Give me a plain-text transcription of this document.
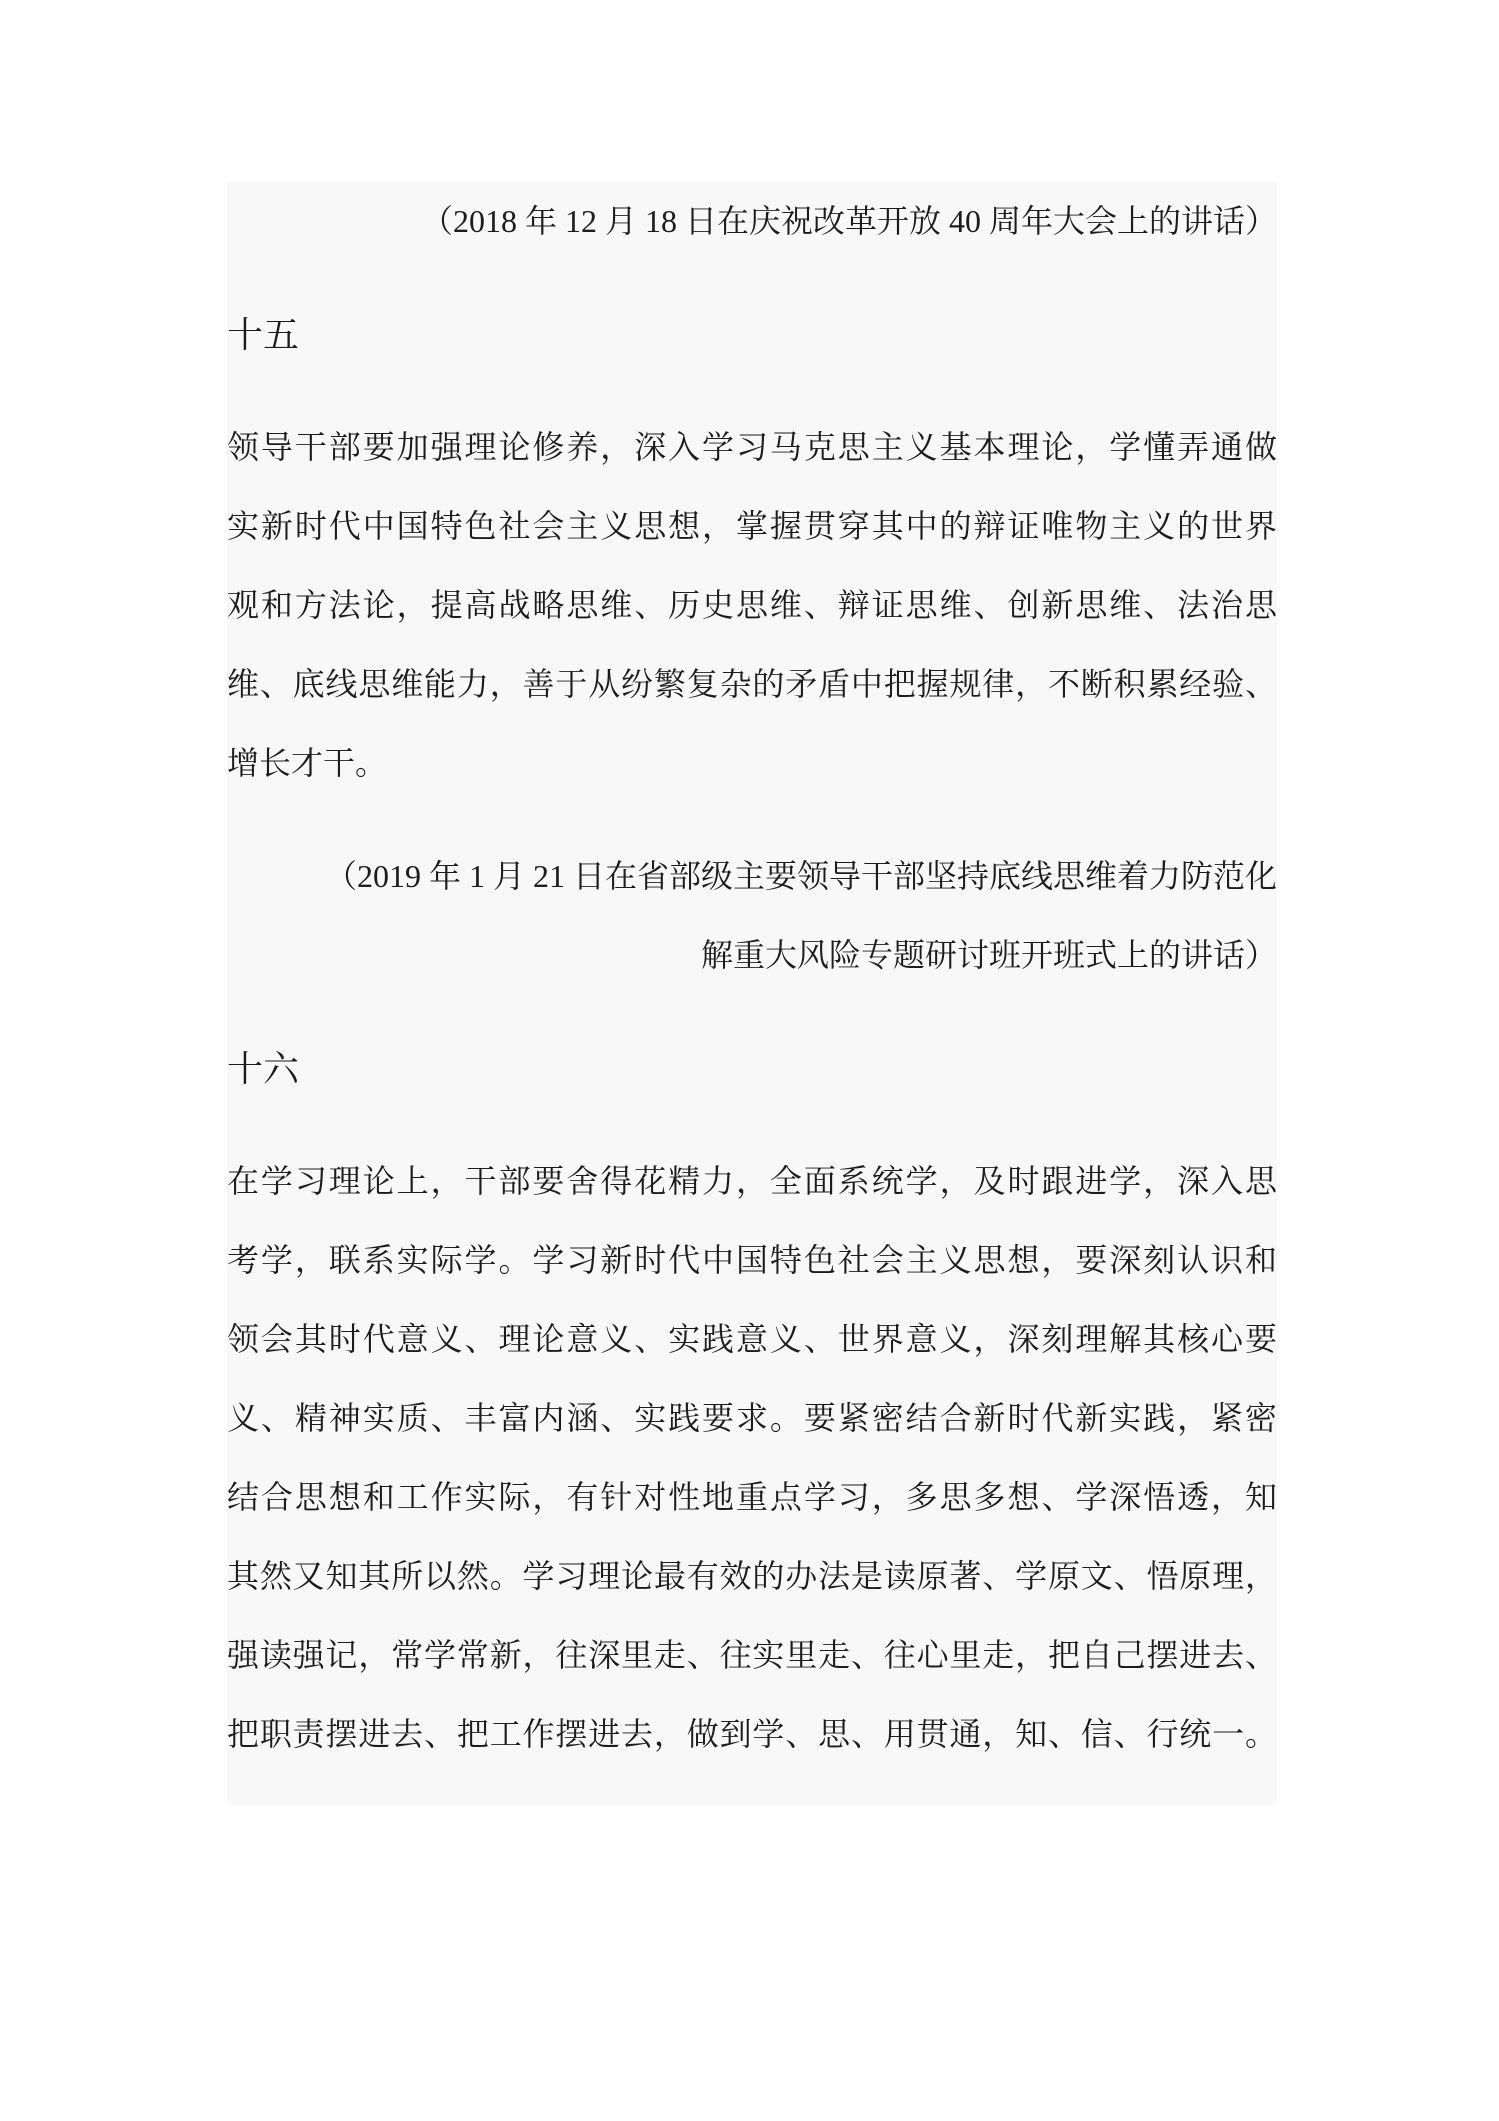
（2018 年 12 月 18 日在庆祝改革开放 40 周年大会上的讲话）
十五
领导干部要加强理论修养，深入学习马克思主义基本理论，学懂弄通做
实新时代中国特色社会主义思想，掌握贯穿其中的辩证唯物主义的世界
观和方法论，提高战略思维、历史思维、辩证思维、创新思维、法治思
维、底线思维能力，善于从纷繁复杂的矛盾中把握规律，不断积累经验、
增长才干。
（2019 年 1 月 21 日在省部级主要领导干部坚持底线思维着力防范化
解重大风险专题研讨班开班式上的讲话）
十六
在学习理论上，干部要舍得花精力，全面系统学，及时跟进学，深入思
考学，联系实际学。学习新时代中国特色社会主义思想，要深刻认识和
领会其时代意义、理论意义、实践意义、世界意义，深刻理解其核心要
义、精神实质、丰富内涵、实践要求。要紧密结合新时代新实践，紧密
结合思想和工作实际，有针对性地重点学习，多思多想、学深悟透，知
其然又知其所以然。学习理论最有效的办法是读原著、学原文、悟原理，
强读强记，常学常新，往深里走、往实里走、往心里走，把自己摆进去、
把职责摆进去、把工作摆进去，做到学、思、用贯通，知、信、行统一。
